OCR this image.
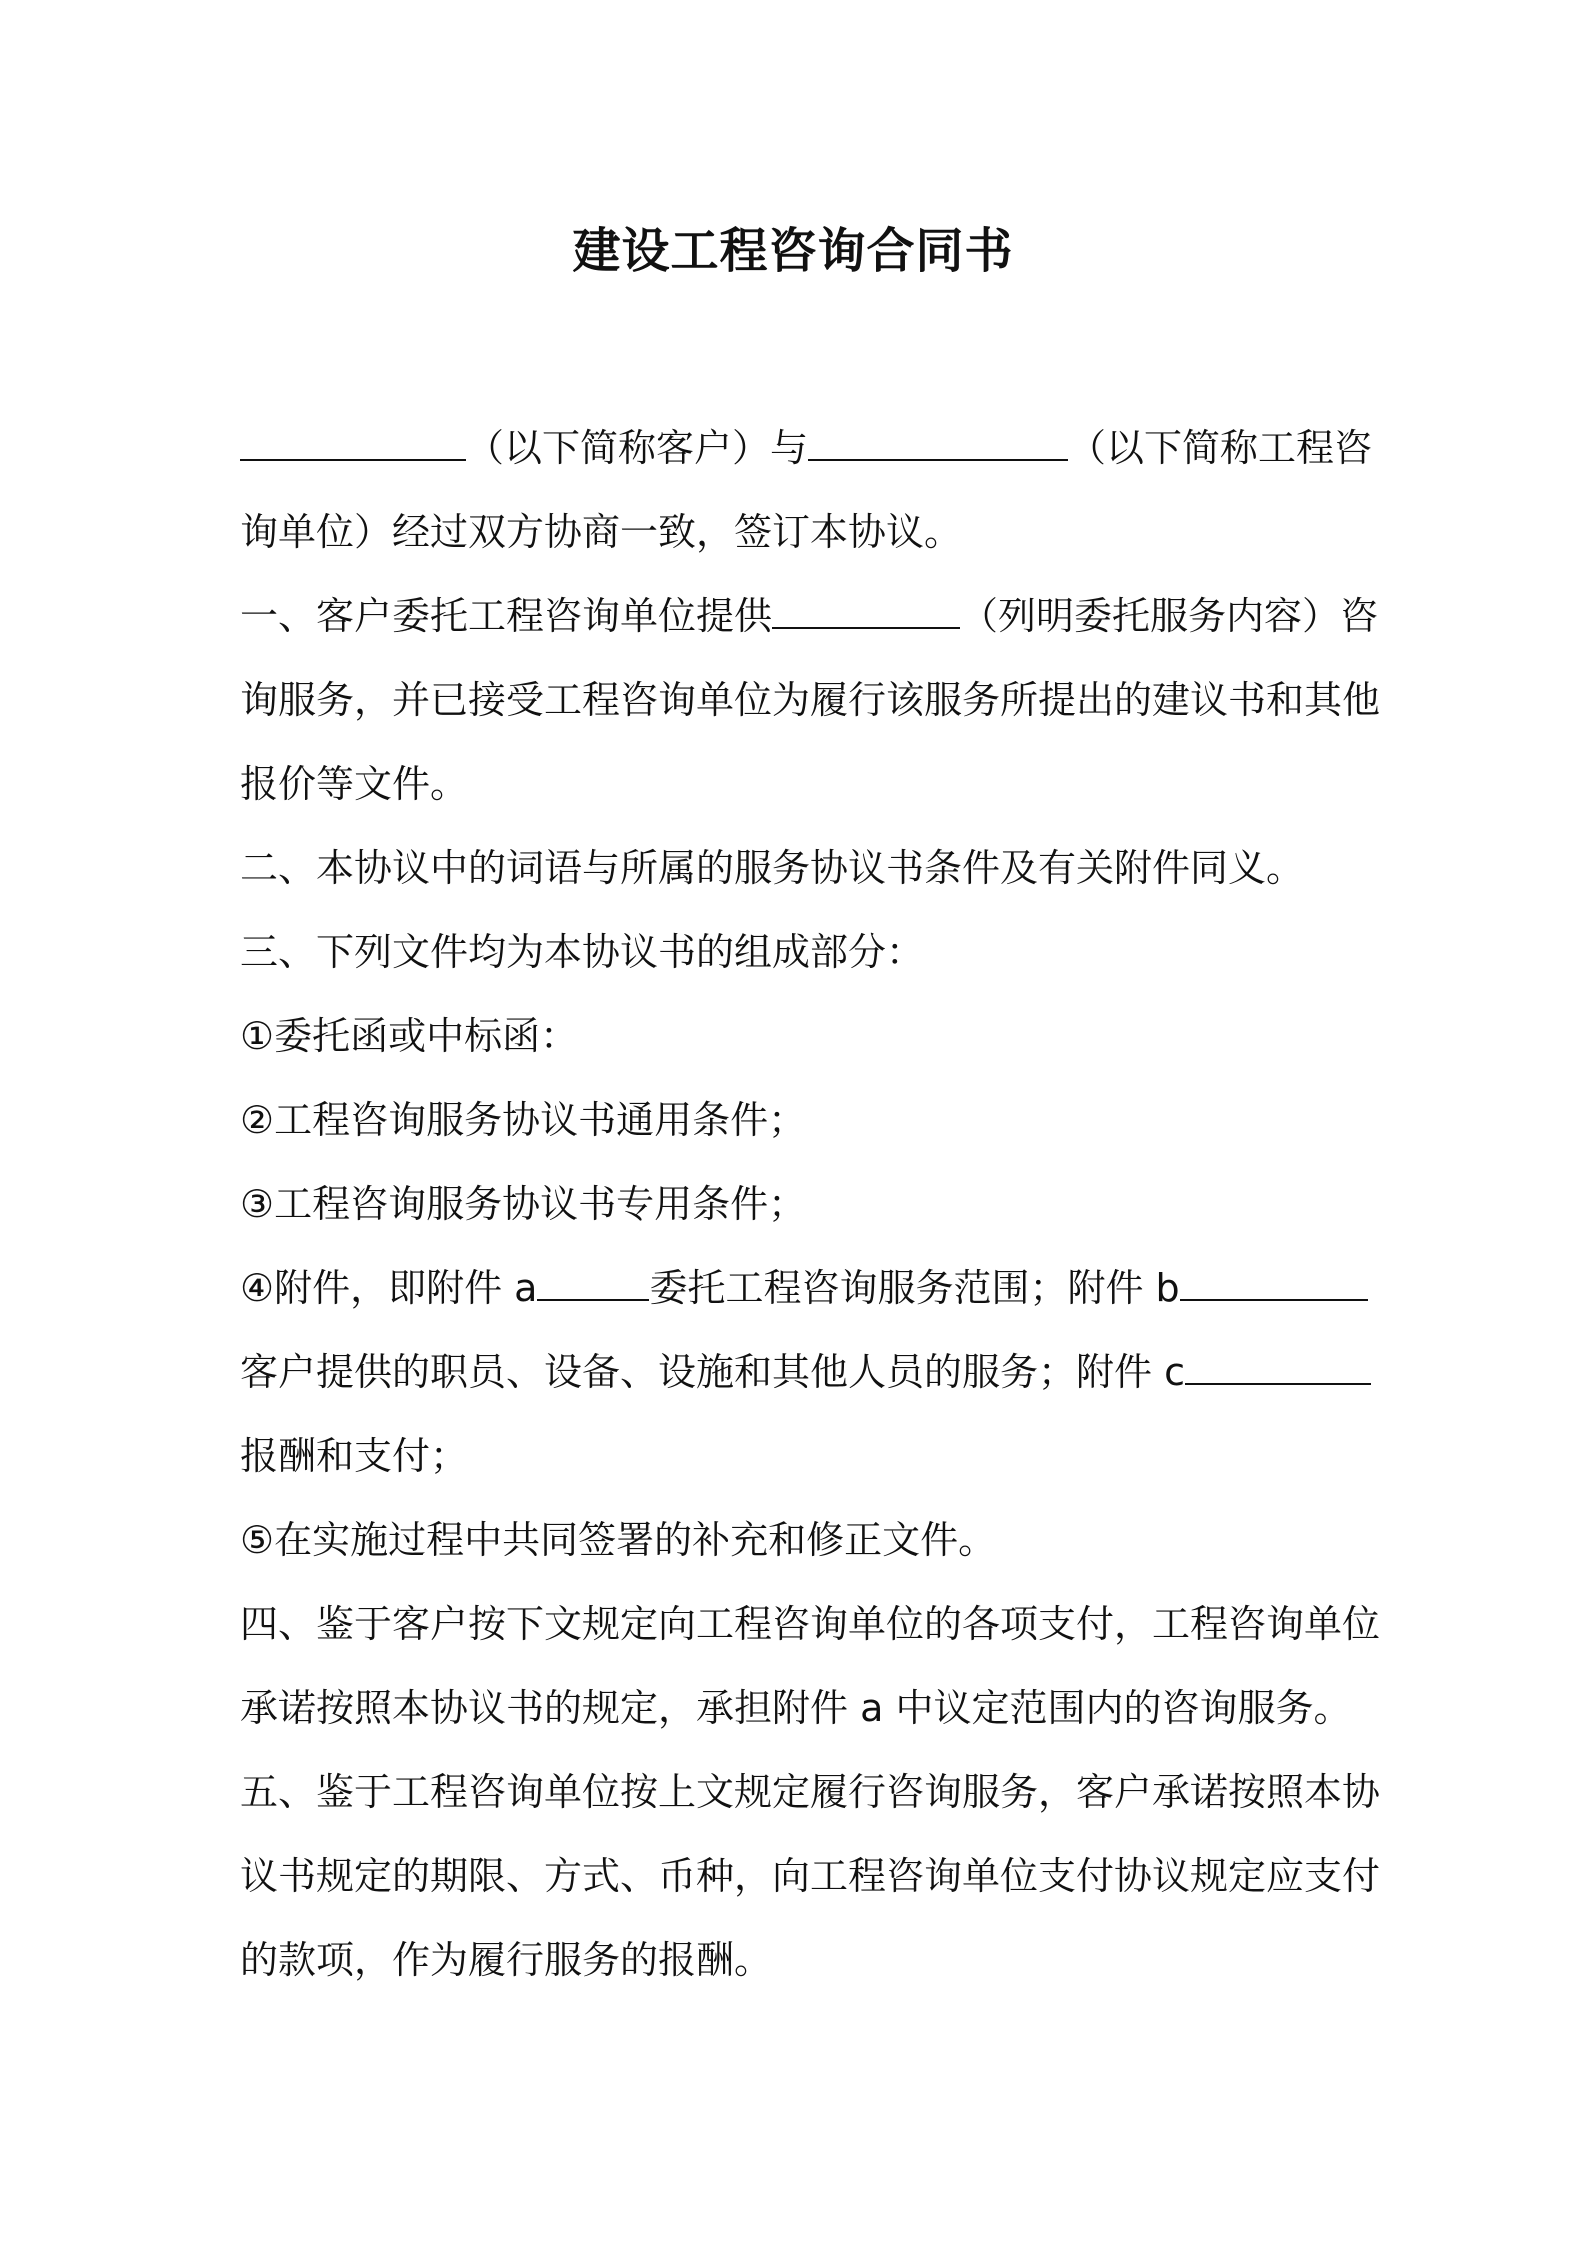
建设工程咨询合同书

（以下简称客户）与	（以下简称工程咨

询单位）经过双方协商一致，签订本协议。

一、客户委托工程咨询单位提供	（列明委托服务内容）咨

询服务，并已接受工程咨询单位为履行该服务所提出的建议书和其他

报价等文件。

二、本协议中的词语与所属的服务协议书条件及有关附件同义。

三、下列文件均为本协议书的组成部分：

①委托函或中标函：

②工程咨询服务协议书通用条件；

③工程咨询服务协议书专用条件；

④附件，即附件 a	委托工程咨询服务范围；附件 b

客户提供的职员、设备、设施和其他人员的服务；附件 c

报酬和支付；

⑤在实施过程中共同签署的补充和修正文件。

四、鉴于客户按下文规定向工程咨询单位的各项支付，工程咨询单位

承诺按照本协议书的规定，承担附件 a 中议定范围内的咨询服务。

五、鉴于工程咨询单位按上文规定履行咨询服务，客户承诺按照本协

议书规定的期限、方式、币种，向工程咨询单位支付协议规定应支付

的款项，作为履行服务的报酬。
